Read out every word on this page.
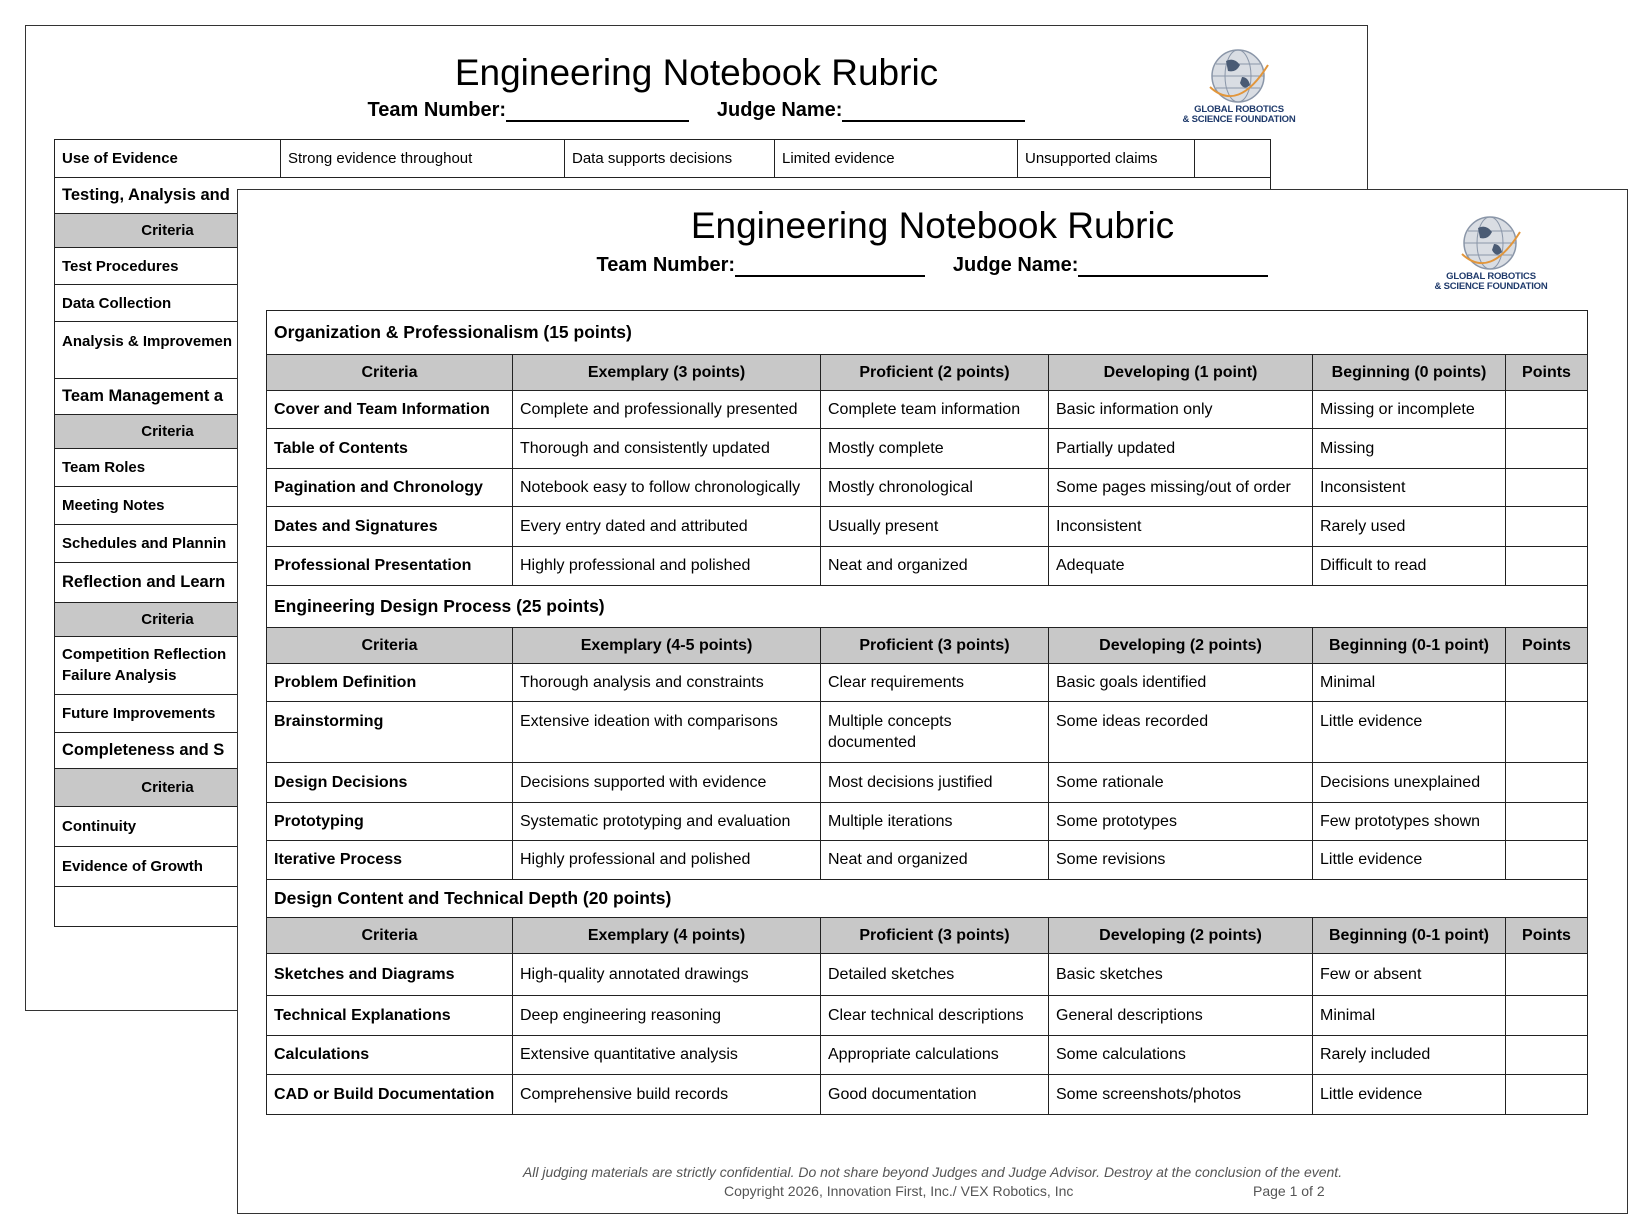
Engineering Notebook Rubric
Team Number:	Judge Name:	GLOBAL ROBOTICS
& SCIENCE FOUNDATION
Use of Evidence	Strong evidence throughout	Data supports decisions	Limited evidence	Unsupported claims	
Testing, Analysis and					
Criteria					
Test Procedures					
Data Collection					
Analysis & Improvemen					
Team Management a					
Criteria					
Team Roles					
Meeting Notes					
Schedules and Plannin					
Reflection and Learn					
Criteria					
Competition Reflection Failure Analysis					
Future Improvements					
Completeness and S					
Criteria					
Continuity					
Evidence of Growth					

Engineering Notebook Rubric
Team Number:	Judge Name:
GLOBAL ROBOTICS
& SCIENCE FOUNDATION
Organization & Professionalism (15 points)					
Criteria	Exemplary (3 points)	Proficient (2 points)	Developing (1 point)	Beginning (0 points)	Points
Cover and Team Information	Complete and professionally presented	Complete team information	Basic information only	Missing or incomplete	
Table of Contents	Thorough and consistently updated	Mostly complete	Partially updated	Missing	
Pagination and Chronology	Notebook easy to follow chronologically	Mostly chronological	Some pages missing/out of order	Inconsistent	
Dates and Signatures	Every entry dated and attributed	Usually present	Inconsistent	Rarely used	
Professional Presentation	Highly professional and polished	Neat and organized	Adequate	Difficult to read	
Engineering Design Process (25 points)					
Criteria	Exemplary (4-5 points)	Proficient (3 points)	Developing (2 points)	Beginning (0-1 point)	Points
Problem Definition	Thorough analysis and constraints	Clear requirements	Basic goals identified	Minimal	
Brainstorming	Extensive ideation with comparisons	Multiple concepts documented	Some ideas recorded	Little evidence	
Design Decisions	Decisions supported with evidence	Most decisions justified	Some rationale	Decisions unexplained	
Prototyping	Systematic prototyping and evaluation	Multiple iterations	Some prototypes	Few prototypes shown	
Iterative Process	Highly professional and polished	Neat and organized	Some revisions	Little evidence	
Design Content and Technical Depth (20 points)					
Criteria	Exemplary (4 points)	Proficient (3 points)	Developing (2 points)	Beginning (0-1 point)	Points
Sketches and Diagrams	High-quality annotated drawings	Detailed sketches	Basic sketches	Few or absent	
Technical Explanations	Deep engineering reasoning	Clear technical descriptions	General descriptions	Minimal	
Calculations	Extensive quantitative analysis	Appropriate calculations	Some calculations	Rarely included	
CAD or Build Documentation	Comprehensive build records	Good documentation	Some screenshots/photos	Little evidence	
All judging materials are strictly confidential. Do not share beyond Judges and Judge Advisor. Destroy at the conclusion of the event.
Copyright 2026, Innovation First, Inc./ VEX Robotics, Inc	Page 1 of 2
